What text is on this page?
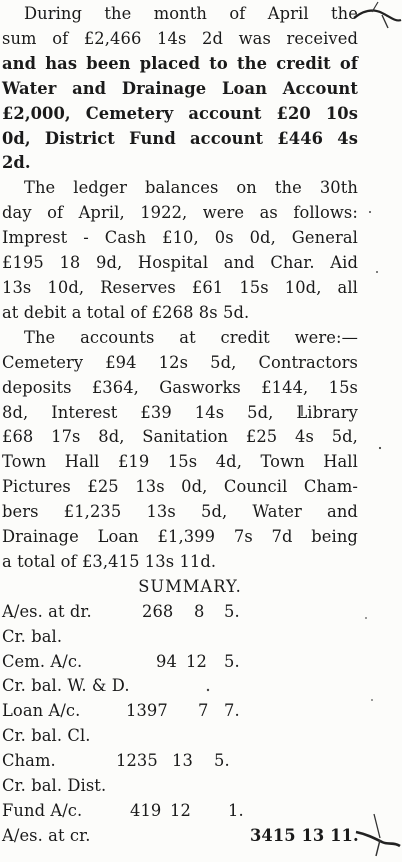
During the month of April the
sum of £2,466 14s 2d was received
and has been placed to the credit of
Water and Drainage Loan Account
£2,000, Cemetery account £20 10s
0d, District Fund account £446 4s
2d.

The ledger balances on the 30th
day of April, 1922, were as follows:
Imprest - Cash £10, 0s 0d, General
£195 18 9d, Hospital and Char. Aid
13s 10d, Reserves £61 15s 10d, all
at debit a total of £268 8s 5d.

The accounts at credit were:—
Cemetery £94 12s 5d, Contractors
deposits £364, Gasworks £144, 15s
8d, Interest £39 14s 5d, Library
£68 17s 8d, Sanitation £25 4s 5d,
Town Hall £19 15s 4d, Town Hall
Pictures £25 13s 0d, Council Cham-
bers £1,235 13s 5d, Water and
Drainage Loan £1,399 7s 7d being
a total of £3,415 13s 11d.

SUMMARY.
A/es. at dr.	268 8 5.
Cr. bal.
Cem. A/c.	94 12 5.
Cr. bal. W. & D.
Loan A/c.	1397 7 7.
Cr. bal. Cl.
Cham.	1235 13 5.
Cr. bal. Dist.
Fund A/c.	419 12 1.
A/es. at cr.	3415 13 11.
